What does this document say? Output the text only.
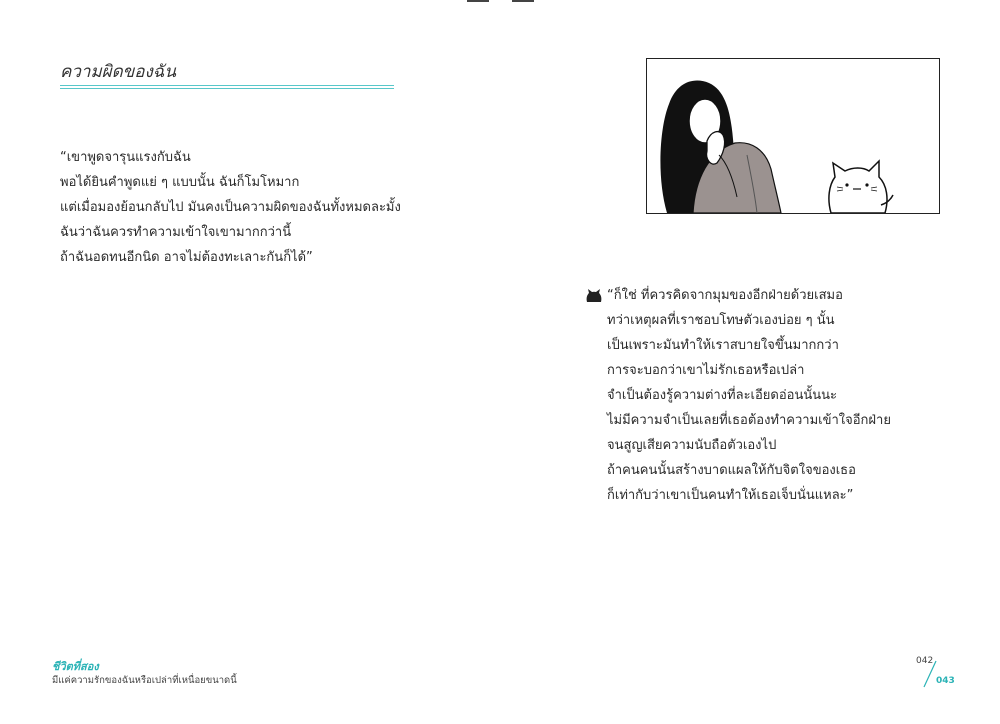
ความผิดของฉัน
“เขาพูดจารุนแรงกับฉัน
พอได้ยินคำพูดแย่ ๆ แบบนั้น ฉันก็โมโหมาก
แต่เมื่อมองย้อนกลับไป มันคงเป็นความผิดของฉันทั้งหมดละมั้ง
ฉันว่าฉันควรทำความเข้าใจเขามากกว่านี้
ถ้าฉันอดทนอีกนิด อาจไม่ต้องทะเลาะกันก็ได้”
“ก็ใช่ ที่ควรคิดจากมุมของอีกฝ่ายด้วยเสมอ
ทว่าเหตุผลที่เราชอบโทษตัวเองบ่อย ๆ นั้น
เป็นเพราะมันทำให้เราสบายใจขึ้นมากกว่า
การจะบอกว่าเขาไม่รักเธอหรือเปล่า
จำเป็นต้องรู้ความต่างที่ละเอียดอ่อนนั้นนะ
ไม่มีความจำเป็นเลยที่เธอต้องทำความเข้าใจอีกฝ่าย
จนสูญเสียความนับถือตัวเองไป
ถ้าคนคนนั้นสร้างบาดแผลให้กับจิตใจของเธอ
ก็เท่ากับว่าเขาเป็นคนทำให้เธอเจ็บนั่นแหละ”
ชีวิตที่สอง
มีแค่ความรักของฉันหรือเปล่าที่เหนื่อยขนาดนี้
042
043
